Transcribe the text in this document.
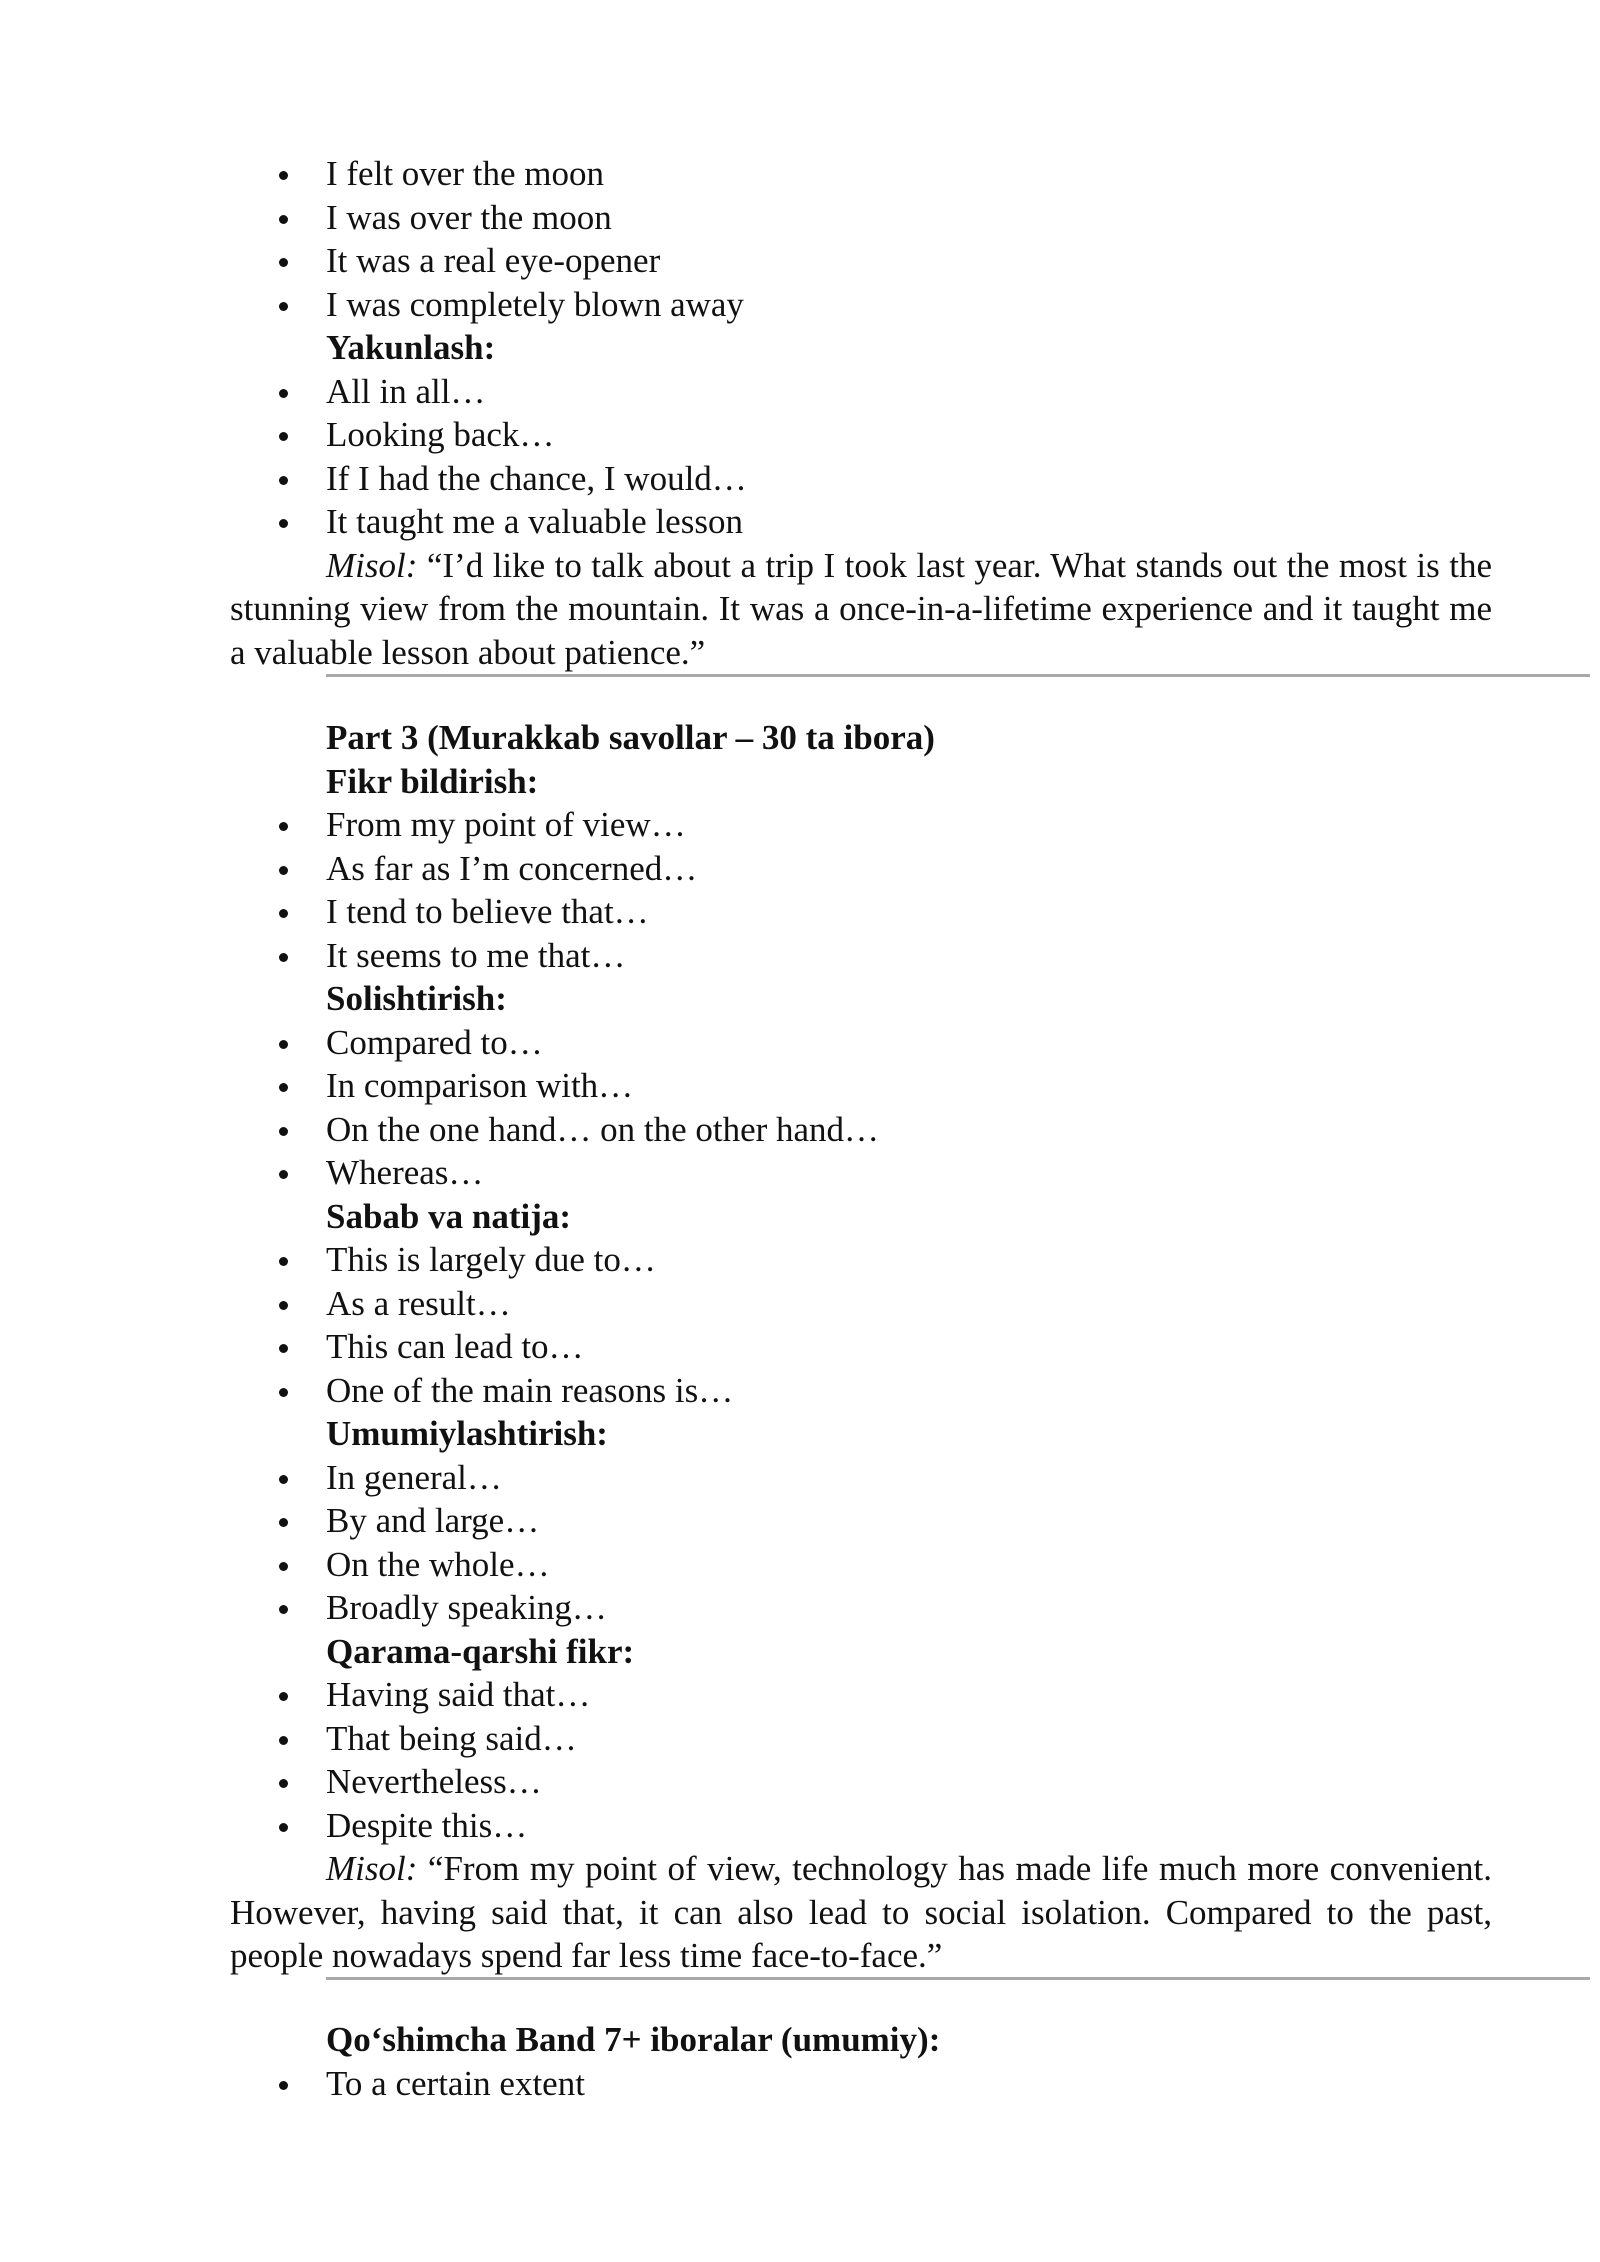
I felt over the moon
I was over the moon
It was a real eye-opener
I was completely blown away
Yakunlash:
All in all…
Looking back…
If I had the chance, I would…
It taught me a valuable lesson

Misol: “I’d like to talk about a trip I took last year. What stands out the most is the stunning view from the mountain. It was a once-in-a-lifetime experience and it taught me a valuable lesson about patience.”

Part 3 (Murakkab savollar – 30 ta ibora)
Fikr bildirish:
From my point of view…
As far as I’m concerned…
I tend to believe that…
It seems to me that…
Solishtirish:
Compared to…
In comparison with…
On the one hand… on the other hand…
Whereas…
Sabab va natija:
This is largely due to…
As a result…
This can lead to…
One of the main reasons is…
Umumiylashtirish:
In general…
By and large…
On the whole…
Broadly speaking…
Qarama-qarshi fikr:
Having said that…
That being said…
Nevertheless…
Despite this…

Misol: “From my point of view, technology has made life much more convenient. However, having said that, it can also lead to social isolation. Compared to the past, people nowadays spend far less time face-to-face.”

Qo‘shimcha Band 7+ iboralar (umumiy):
To a certain extent
